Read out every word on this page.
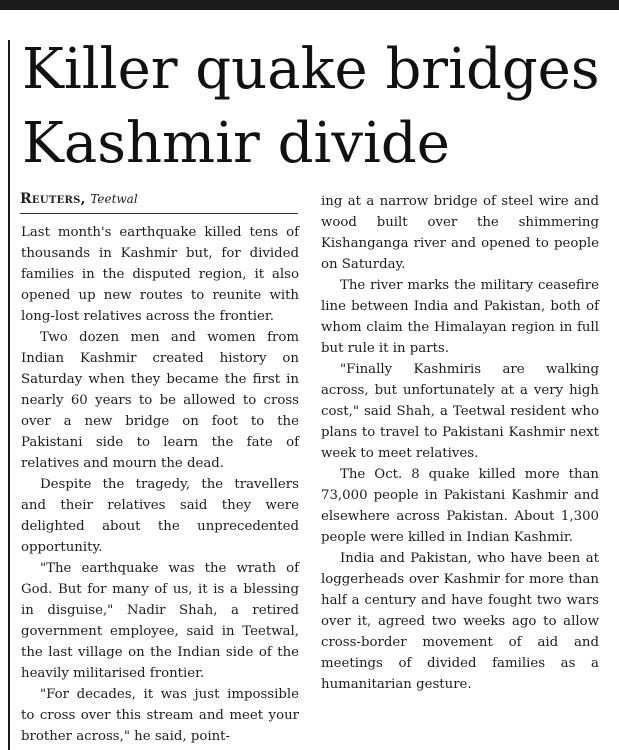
Killer quake bridges
Kashmir divide
Reuters, Teetwal

Last month's earthquake killed tens of thousands in Kashmir but, for divided families in the disputed region, it also opened up new routes to reunite with long-lost relatives across the frontier.

Two dozen men and women from Indian Kashmir created history on Saturday when they became the first in nearly 60 years to be allowed to cross over a new bridge on foot to the Pakistani side to learn the fate of relatives and mourn the dead.

Despite the tragedy, the travellers and their relatives said they were delighted about the unprecedented opportunity.

"The earthquake was the wrath of God. But for many of us, it is a blessing in disguise," Nadir Shah, a retired government employee, said in Teetwal, the last village on the Indian side of the heavily militarised frontier.

"For decades, it was just impossible to cross over this stream and meet your brother across," he said, point-

ing at a narrow bridge of steel wire and wood built over the shimmering Kishanganga river and opened to people on Saturday.

The river marks the military ceasefire line between India and Pakistan, both of whom claim the Himalayan region in full but rule it in parts.

"Finally Kashmiris are walking across, but unfortunately at a very high cost," said Shah, a Teetwal resident who plans to travel to Pakistani Kashmir next week to meet relatives.

The Oct. 8 quake killed more than 73,000 people in Pakistani Kashmir and elsewhere across Pakistan. About 1,300 people were killed in Indian Kashmir.

India and Pakistan, who have been at loggerheads over Kashmir for more than half a century and have fought two wars over it, agreed two weeks ago to allow cross-border movement of aid and meetings of divided families as a humanitarian gesture.
